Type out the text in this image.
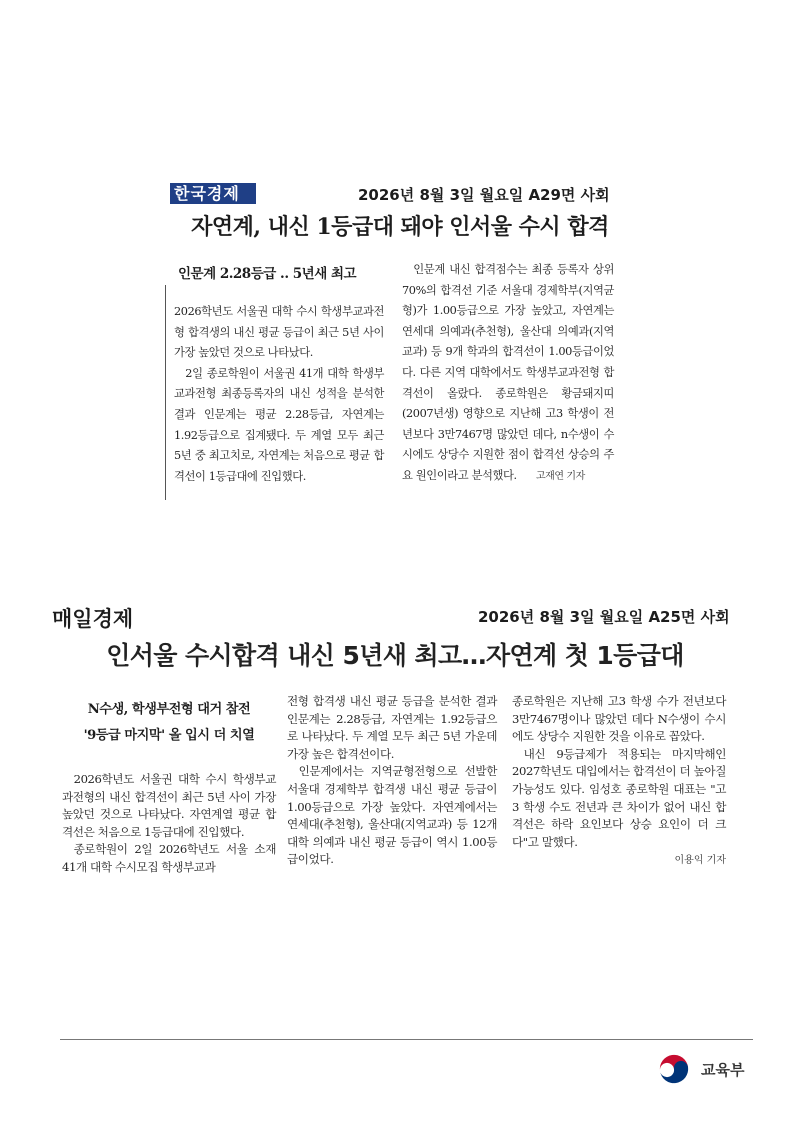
한국경제	2026년 8월 3일 월요일 A29면 사회
자연계, 내신 1등급대 돼야 인서울 수시 합격
인문계 2.28등급 ‥ 5년새 최고

2026학년도 서울권 대학 수시 학생부교과전형 합격생의 내신 평균 등급이 최근 5년 사이 가장 높았던 것으로 나타났다.

2일 종로학원이 서울권 41개 대학 학생부교과전형 최종등록자의 내신 성적을 분석한 결과 인문계는 평균 2.28등급, 자연계는 1.92등급으로 집계됐다. 두 계열 모두 최근 5년 중 최고치로, 자연계는 처음으로 평균 합격선이 1등급대에 진입했다.

인문계 내신 합격점수는 최종 등록자 상위 70%의 합격선 기준 서울대 경제학부(지역균형)가 1.00등급으로 가장 높았고, 자연계는 연세대 의예과(추천형), 울산대 의예과(지역교과) 등 9개 학과의 합격선이 1.00등급이었다. 다른 지역 대학에서도 학생부교과전형 합격선이 올랐다. 종로학원은 황금돼지띠(2007년생) 영향으로 지난해 고3 학생이 전년보다 3만7467명 많았던 데다, n수생이 수시에도 상당수 지원한 점이 합격선 상승의 주요 원인이라고 분석했다. 고재연 기자

매일경제	2026년 8월 3일 월요일 A25면 사회
인서울 수시합격 내신 5년새 최고…자연계 첫 1등급대
N수생, 학생부전형 대거 참전
'9등급 마지막' 올 입시 더 치열

2026학년도 서울권 대학 수시 학생부교과전형의 내신 합격선이 최근 5년 사이 가장 높았던 것으로 나타났다. 자연계열 평균 합격선은 처음으로 1등급대에 진입했다.

종로학원이 2일 2026학년도 서울 소재 41개 대학 수시모집 학생부교과

전형 합격생 내신 평균 등급을 분석한 결과 인문계는 2.28등급, 자연계는 1.92등급으로 나타났다. 두 계열 모두 최근 5년 가운데 가장 높은 합격선이다.

인문계에서는 지역균형전형으로 선발한 서울대 경제학부 합격생 내신 평균 등급이 1.00등급으로 가장 높았다. 자연계에서는 연세대(추천형), 울산대(지역교과) 등 12개 대학 의예과 내신 평균 등급이 역시 1.00등급이었다.

종로학원은 지난해 고3 학생 수가 전년보다 3만7467명이나 많았던 데다 N수생이 수시에도 상당수 지원한 것을 이유로 꼽았다.

내신 9등급제가 적용되는 마지막해인 2027학년도 대입에서는 합격선이 더 높아질 가능성도 있다. 임성호 종로학원 대표는 "고3 학생 수도 전년과 큰 차이가 없어 내신 합격선은 하락 요인보다 상승 요인이 더 크다"고 말했다.

이용익 기자
교육부
